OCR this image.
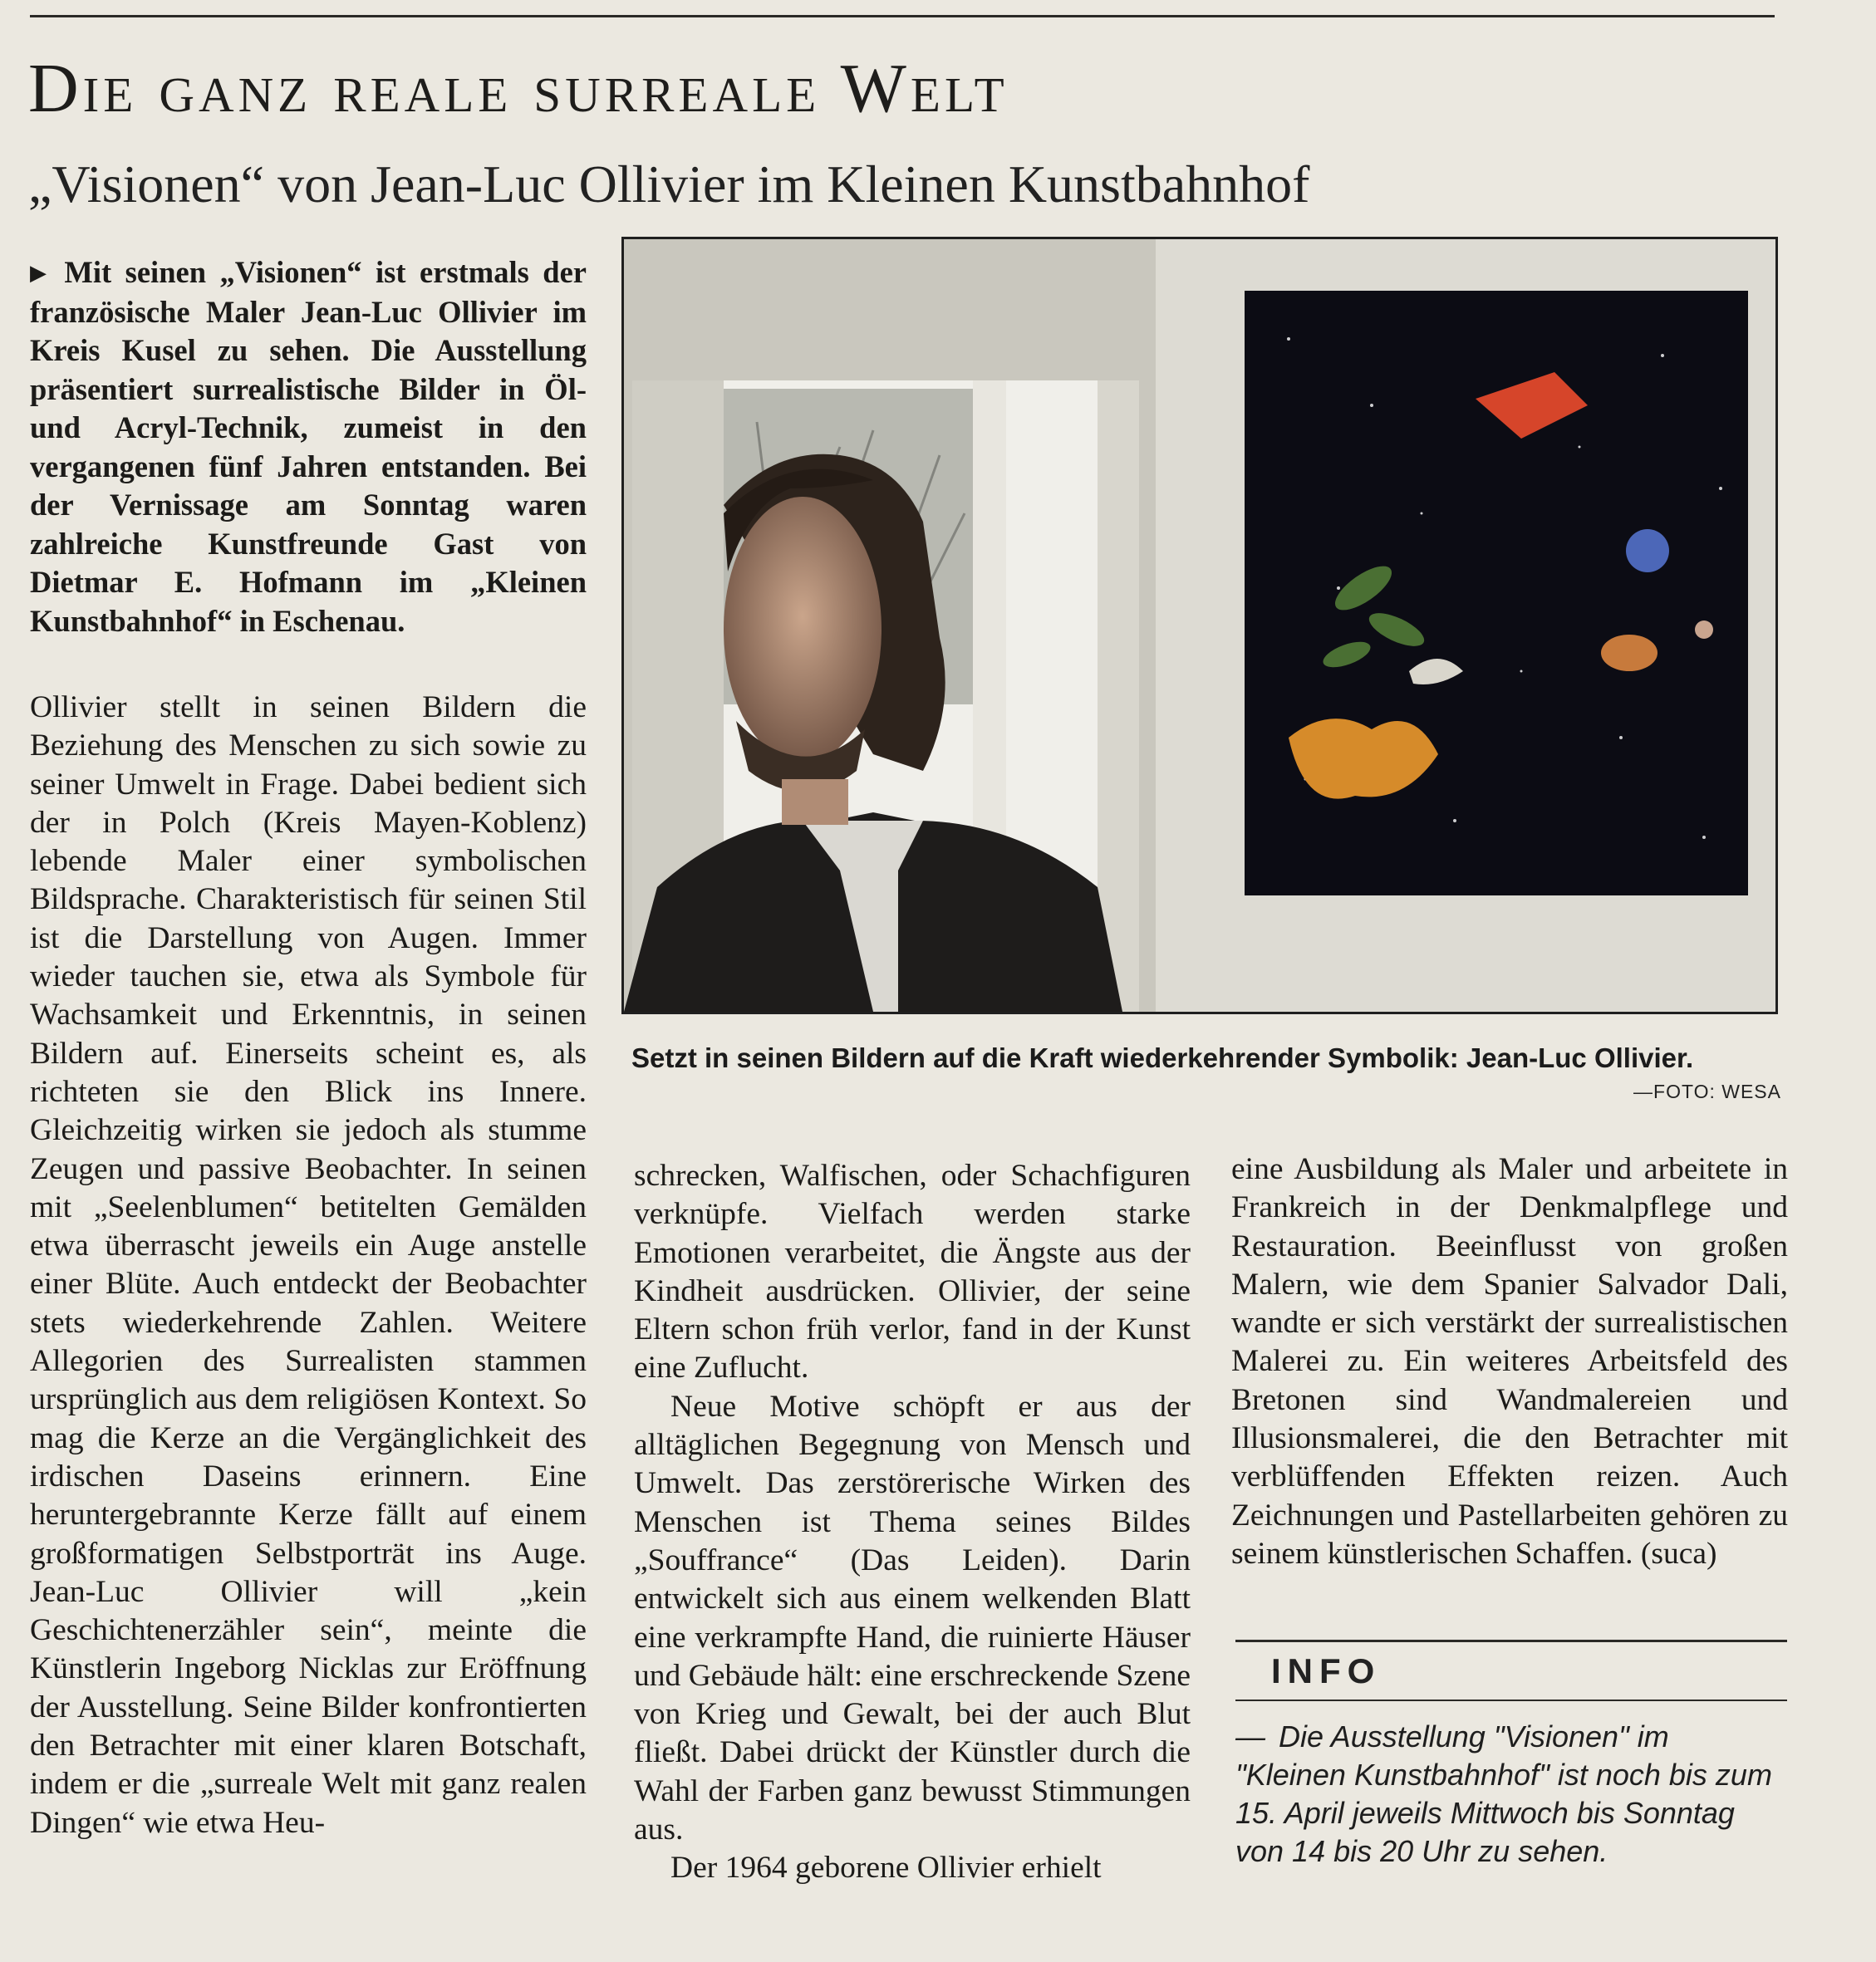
Die ganz reale surreale Welt
„Visionen“ von Jean-Luc Ollivier im Kleinen Kunstbahnhof

▶ Mit seinen „Visionen“ ist erstmals der französische Maler Jean-Luc Ollivier im Kreis Kusel zu sehen. Die Ausstellung präsentiert surrealistische Bilder in Öl- und Acryl-Technik, zumeist in den vergangenen fünf Jahren entstanden. Bei der Vernissage am Sonntag waren zahlreiche Kunstfreunde Gast von Dietmar E. Hofmann im „Kleinen Kunstbahnhof“ in Eschenau.

Ollivier stellt in seinen Bildern die Beziehung des Menschen zu sich sowie zu seiner Umwelt in Frage. Dabei bedient sich der in Polch (Kreis Mayen-Koblenz) lebende Maler einer symbolischen Bildsprache. Charakteristisch für seinen Stil ist die Darstellung von Augen. Immer wieder tauchen sie, etwa als Symbole für Wachsamkeit und Erkenntnis, in seinen Bildern auf. Einerseits scheint es, als richteten sie den Blick ins Innere. Gleichzeitig wirken sie jedoch als stumme Zeugen und passive Beobachter. In seinen mit „Seelenblumen“ betitelten Gemälden etwa überrascht jeweils ein Auge anstelle einer Blüte. Auch entdeckt der Beobachter stets wiederkehrende Zahlen. Weitere Allegorien des Surrealisten stammen ursprünglich aus dem religiösen Kontext. So mag die Kerze an die Vergänglichkeit des irdischen Daseins erinnern. Eine heruntergebrannte Kerze fällt auf einem großformatigen Selbstporträt ins Auge. Jean-Luc Ollivier will „kein Geschichtenerzähler sein“, meinte die Künstlerin Ingeborg Nicklas zur Eröffnung der Ausstellung. Seine Bilder konfrontierten den Betrachter mit einer klaren Botschaft, indem er die „surreale Welt mit ganz realen Dingen“ wie etwa Heu-

Setzt in seinen Bildern auf die Kraft wiederkehrender Symbolik: Jean-Luc Ollivier.
—FOTO: WESA

schrecken, Walfischen, oder Schachfiguren verknüpfe. Vielfach werden starke Emotionen verarbeitet, die Ängste aus der Kindheit ausdrücken. Ollivier, der seine Eltern schon früh verlor, fand in der Kunst eine Zuflucht.

Neue Motive schöpft er aus der alltäglichen Begegnung von Mensch und Umwelt. Das zerstörerische Wirken des Menschen ist Thema seines Bildes „Souffrance“ (Das Leiden). Darin entwickelt sich aus einem welkenden Blatt eine verkrampfte Hand, die ruinierte Häuser und Gebäude hält: eine erschreckende Szene von Krieg und Gewalt, bei der auch Blut fließt. Dabei drückt der Künstler durch die Wahl der Farben ganz bewusst Stimmungen aus.

Der 1964 geborene Ollivier erhielt

eine Ausbildung als Maler und arbeitete in Frankreich in der Denkmalpflege und Restauration. Beeinflusst von großen Malern, wie dem Spanier Salvador Dali, wandte er sich verstärkt der surrealistischen Malerei zu. Ein weiteres Arbeitsfeld des Bretonen sind Wandmalereien und Illusionsmalerei, die den Betrachter mit verblüffenden Effekten reizen. Auch Zeichnungen und Pastellarbeiten gehören zu seinem künstlerischen Schaffen. (suca)

INFO
— Die Ausstellung "Visionen" im "Kleinen Kunstbahnhof" ist noch bis zum 15. April jeweils Mittwoch bis Sonntag von 14 bis 20 Uhr zu sehen.
